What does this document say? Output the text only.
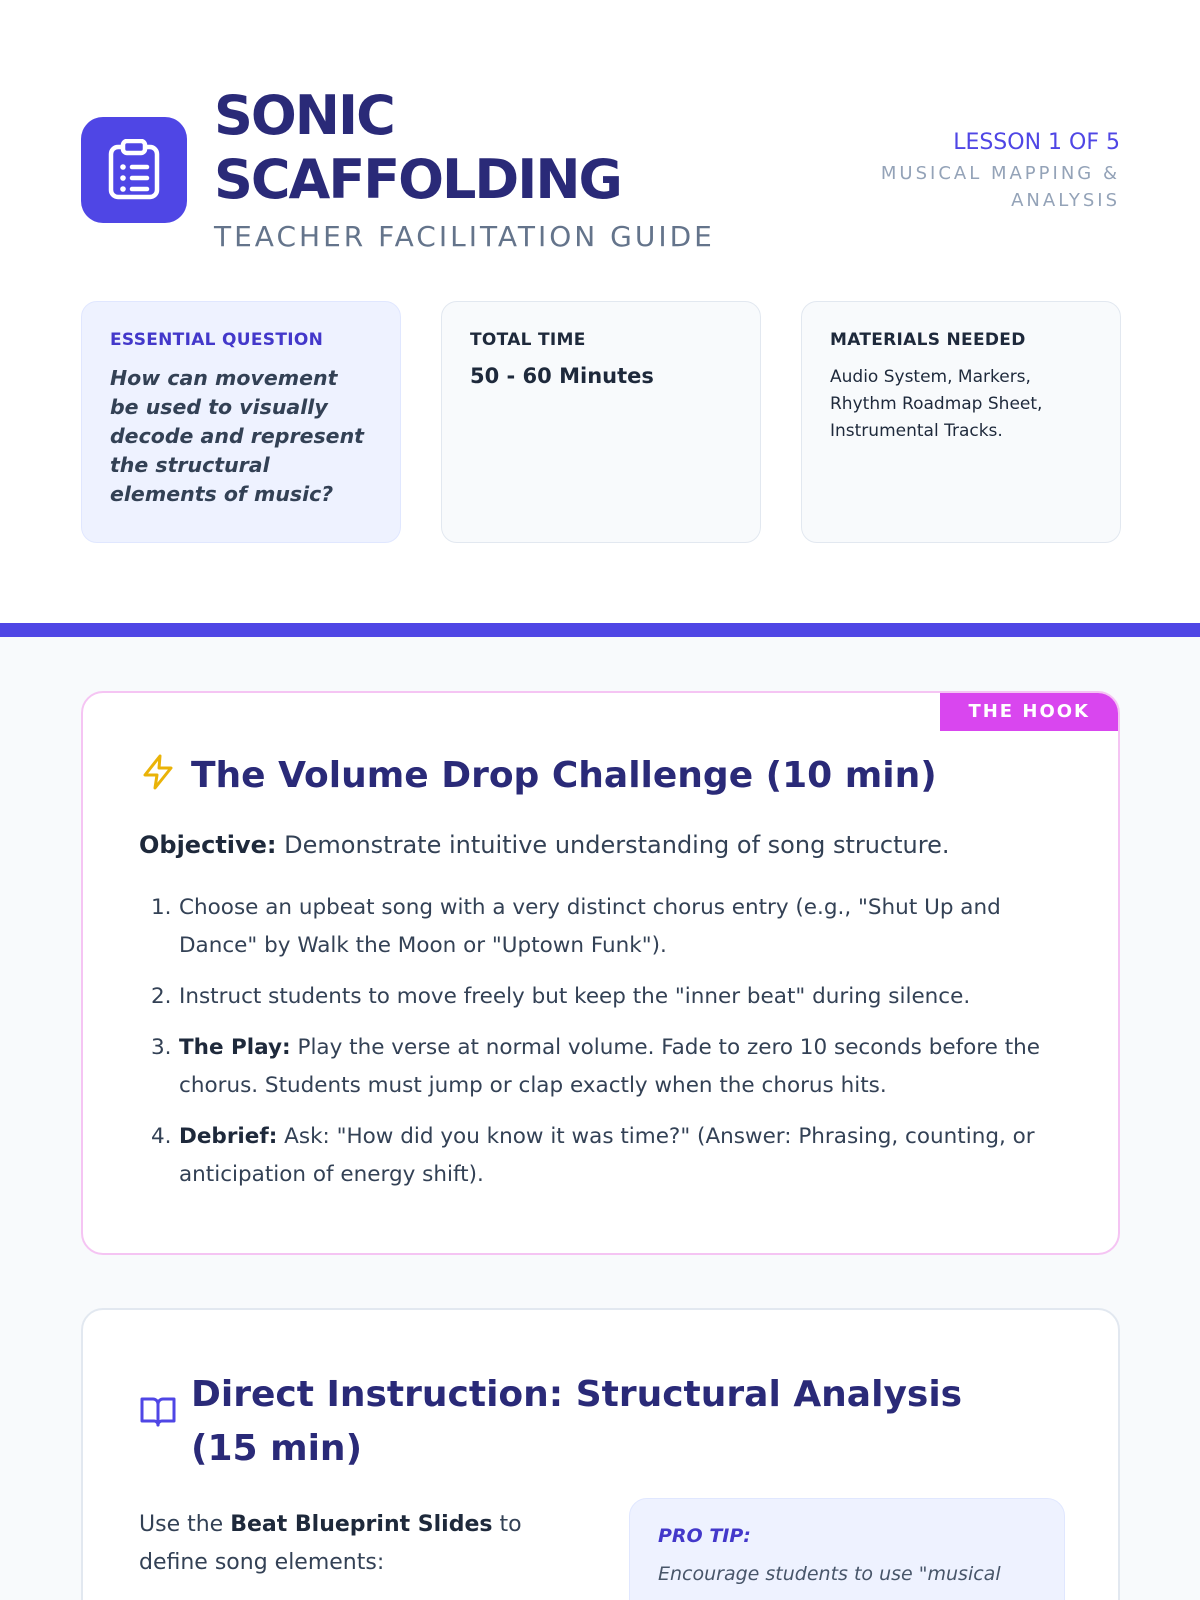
SONIC
SCAFFOLDING
TEACHER FACILITATION GUIDE
LESSON 1 OF 5
MUSICAL MAPPING &
ANALYSIS
ESSENTIAL QUESTION
How can movement be used to visually decode and represent the structural elements of music?
TOTAL TIME
50 - 60 Minutes
MATERIALS NEEDED
Audio System, Markers, Rhythm Roadmap Sheet, Instrumental Tracks.
THE HOOK
The Volume Drop Challenge (10 min)
Objective: Demonstrate intuitive understanding of song structure.
1. Choose an upbeat song with a very distinct chorus entry (e.g., "Shut Up and Dance" by Walk the Moon or "Uptown Funk").
2. Instruct students to move freely but keep the "inner beat" during silence.
3. The Play: Play the verse at normal volume. Fade to zero 10 seconds before the chorus. Students must jump or clap exactly when the chorus hits.
4. Debrief: Ask: "How did you know it was time?" (Answer: Phrasing, counting, or anticipation of energy shift).
Direct Instruction: Structural Analysis (15 min)
Use the Beat Blueprint Slides to define song elements:
PRO TIP:
Encourage students to use "musical
